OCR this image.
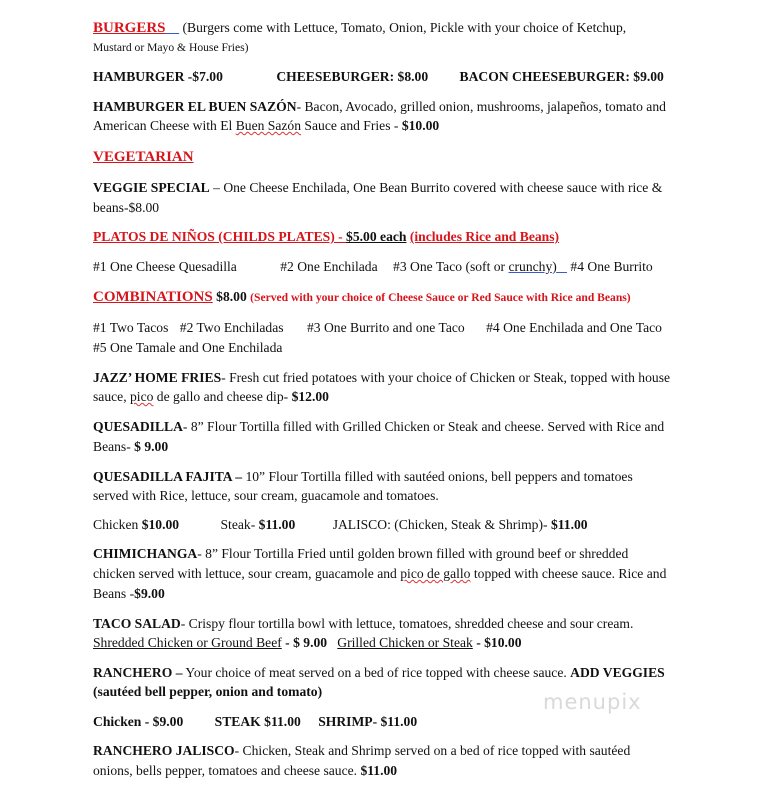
BURGERS (Burgers come with Lettuce, Tomato, Onion, Pickle with your choice of Ketchup,
Mustard or Mayo & House Fries)
HAMBURGER -$7.00	CHEESEBURGER: $8.00 BACON CHEESEBURGER: $9.00
HAMBURGER EL BUEN SAZÓN- Bacon, Avocado, grilled onion, mushrooms, jalapeños, tomato and
American Cheese with El Buen Sazón Sauce and Fries - $10.00
VEGETARIAN
VEGGIE SPECIAL – One Cheese Enchilada, One Bean Burrito covered with cheese sauce with rice &
beans-$8.00
PLATOS DE NIÑOS (CHILDS PLATES) - $5.00 each (includes Rice and Beans)
#1 One Cheese Quesadilla	#2 One Enchilada #3 One Taco (soft or crunchy) #4 One Burrito
COMBINATIONS $8.00 (Served with your choice of Cheese Sauce or Red Sauce with Rice and Beans)
#1 Two Tacos #2 Two Enchiladas #3 One Burrito and one Taco #4 One Enchilada and One Taco
#5 One Tamale and One Enchilada
JAZZ’ HOME FRIES- Fresh cut fried potatoes with your choice of Chicken or Steak, topped with house
sauce, pico de gallo and cheese dip- $12.00
QUESADILLA- 8” Flour Tortilla filled with Grilled Chicken or Steak and cheese. Served with Rice and
Beans- $ 9.00
QUESADILLA FAJITA – 10” Flour Tortilla filled with sautéed onions, bell peppers and tomatoes
served with Rice, lettuce, sour cream, guacamole and tomatoes.
Chicken $10.00	Steak- $11.00	JALISCO: (Chicken, Steak & Shrimp)- $11.00
CHIMICHANGA- 8” Flour Tortilla Fried until golden brown filled with ground beef or shredded
chicken served with lettuce, sour cream, guacamole and pico de gallo topped with cheese sauce. Rice and
Beans -$9.00
TACO SALAD- Crispy flour tortilla bowl with lettuce, tomatoes, shredded cheese and sour cream.
Shredded Chicken or Ground Beef - $ 9.00 Grilled Chicken or Steak - $10.00
RANCHERO – Your choice of meat served on a bed of rice topped with cheese sauce. ADD VEGGIES
(sautéed bell pepper, onion and tomato)
Chicken - $9.00 STEAK $11.00 SHRIMP- $11.00
RANCHERO JALISCO- Chicken, Steak and Shrimp served on a bed of rice topped with sautéed
onions, bells pepper, tomatoes and cheese sauce. $11.00
menupix
